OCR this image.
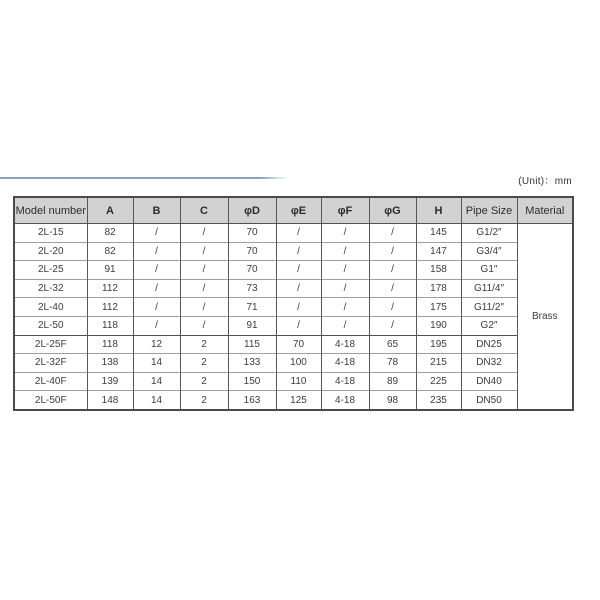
(Unit)：mm
Model number	A	B	C	φD	φE	φF	φG	H	Pipe Size	Material
2L-15	82	/	/	70	/	/	/	145	G1/2″	Brass
2L-20	82	/	/	70	/	/	/	147	G3/4″	
2L-25	91	/	/	70	/	/	/	158	G1″	
2L-32	112	/	/	73	/	/	/	178	G11/4″	
2L-40	112	/	/	71	/	/	/	175	G11/2″	
2L-50	118	/	/	91	/	/	/	190	G2″	
2L-25F	118	12	2	115	70	4-18	65	195	DN25	
2L-32F	138	14	2	133	100	4-18	78	215	DN32	
2L-40F	139	14	2	150	110	4-18	89	225	DN40	
2L-50F	148	14	2	163	125	4-18	98	235	DN50	
